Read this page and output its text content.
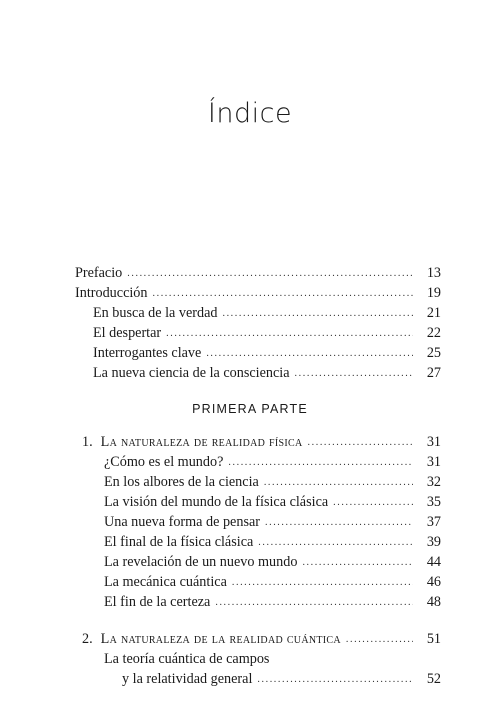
Índice
Prefacio .....	13
Introducción .....	19
En busca de la verdad .....	21
El despertar .....	22
Interrogantes clave .....	25
La nueva ciencia de la consciencia .....	27
PRIMERA PARTE
1. La naturaleza de realidad física .....	31
¿Cómo es el mundo? .....	31
En los albores de la ciencia .....	32
La visión del mundo de la física clásica .....	35
Una nueva forma de pensar .....	37
El final de la física clásica .....	39
La revelación de un nuevo mundo .....	44
La mecánica cuántica .....	46
El fin de la certeza .....	48
2. La naturaleza de la realidad cuántica .....	51
La teoría cuántica de campos
y la relatividad general .....	52
